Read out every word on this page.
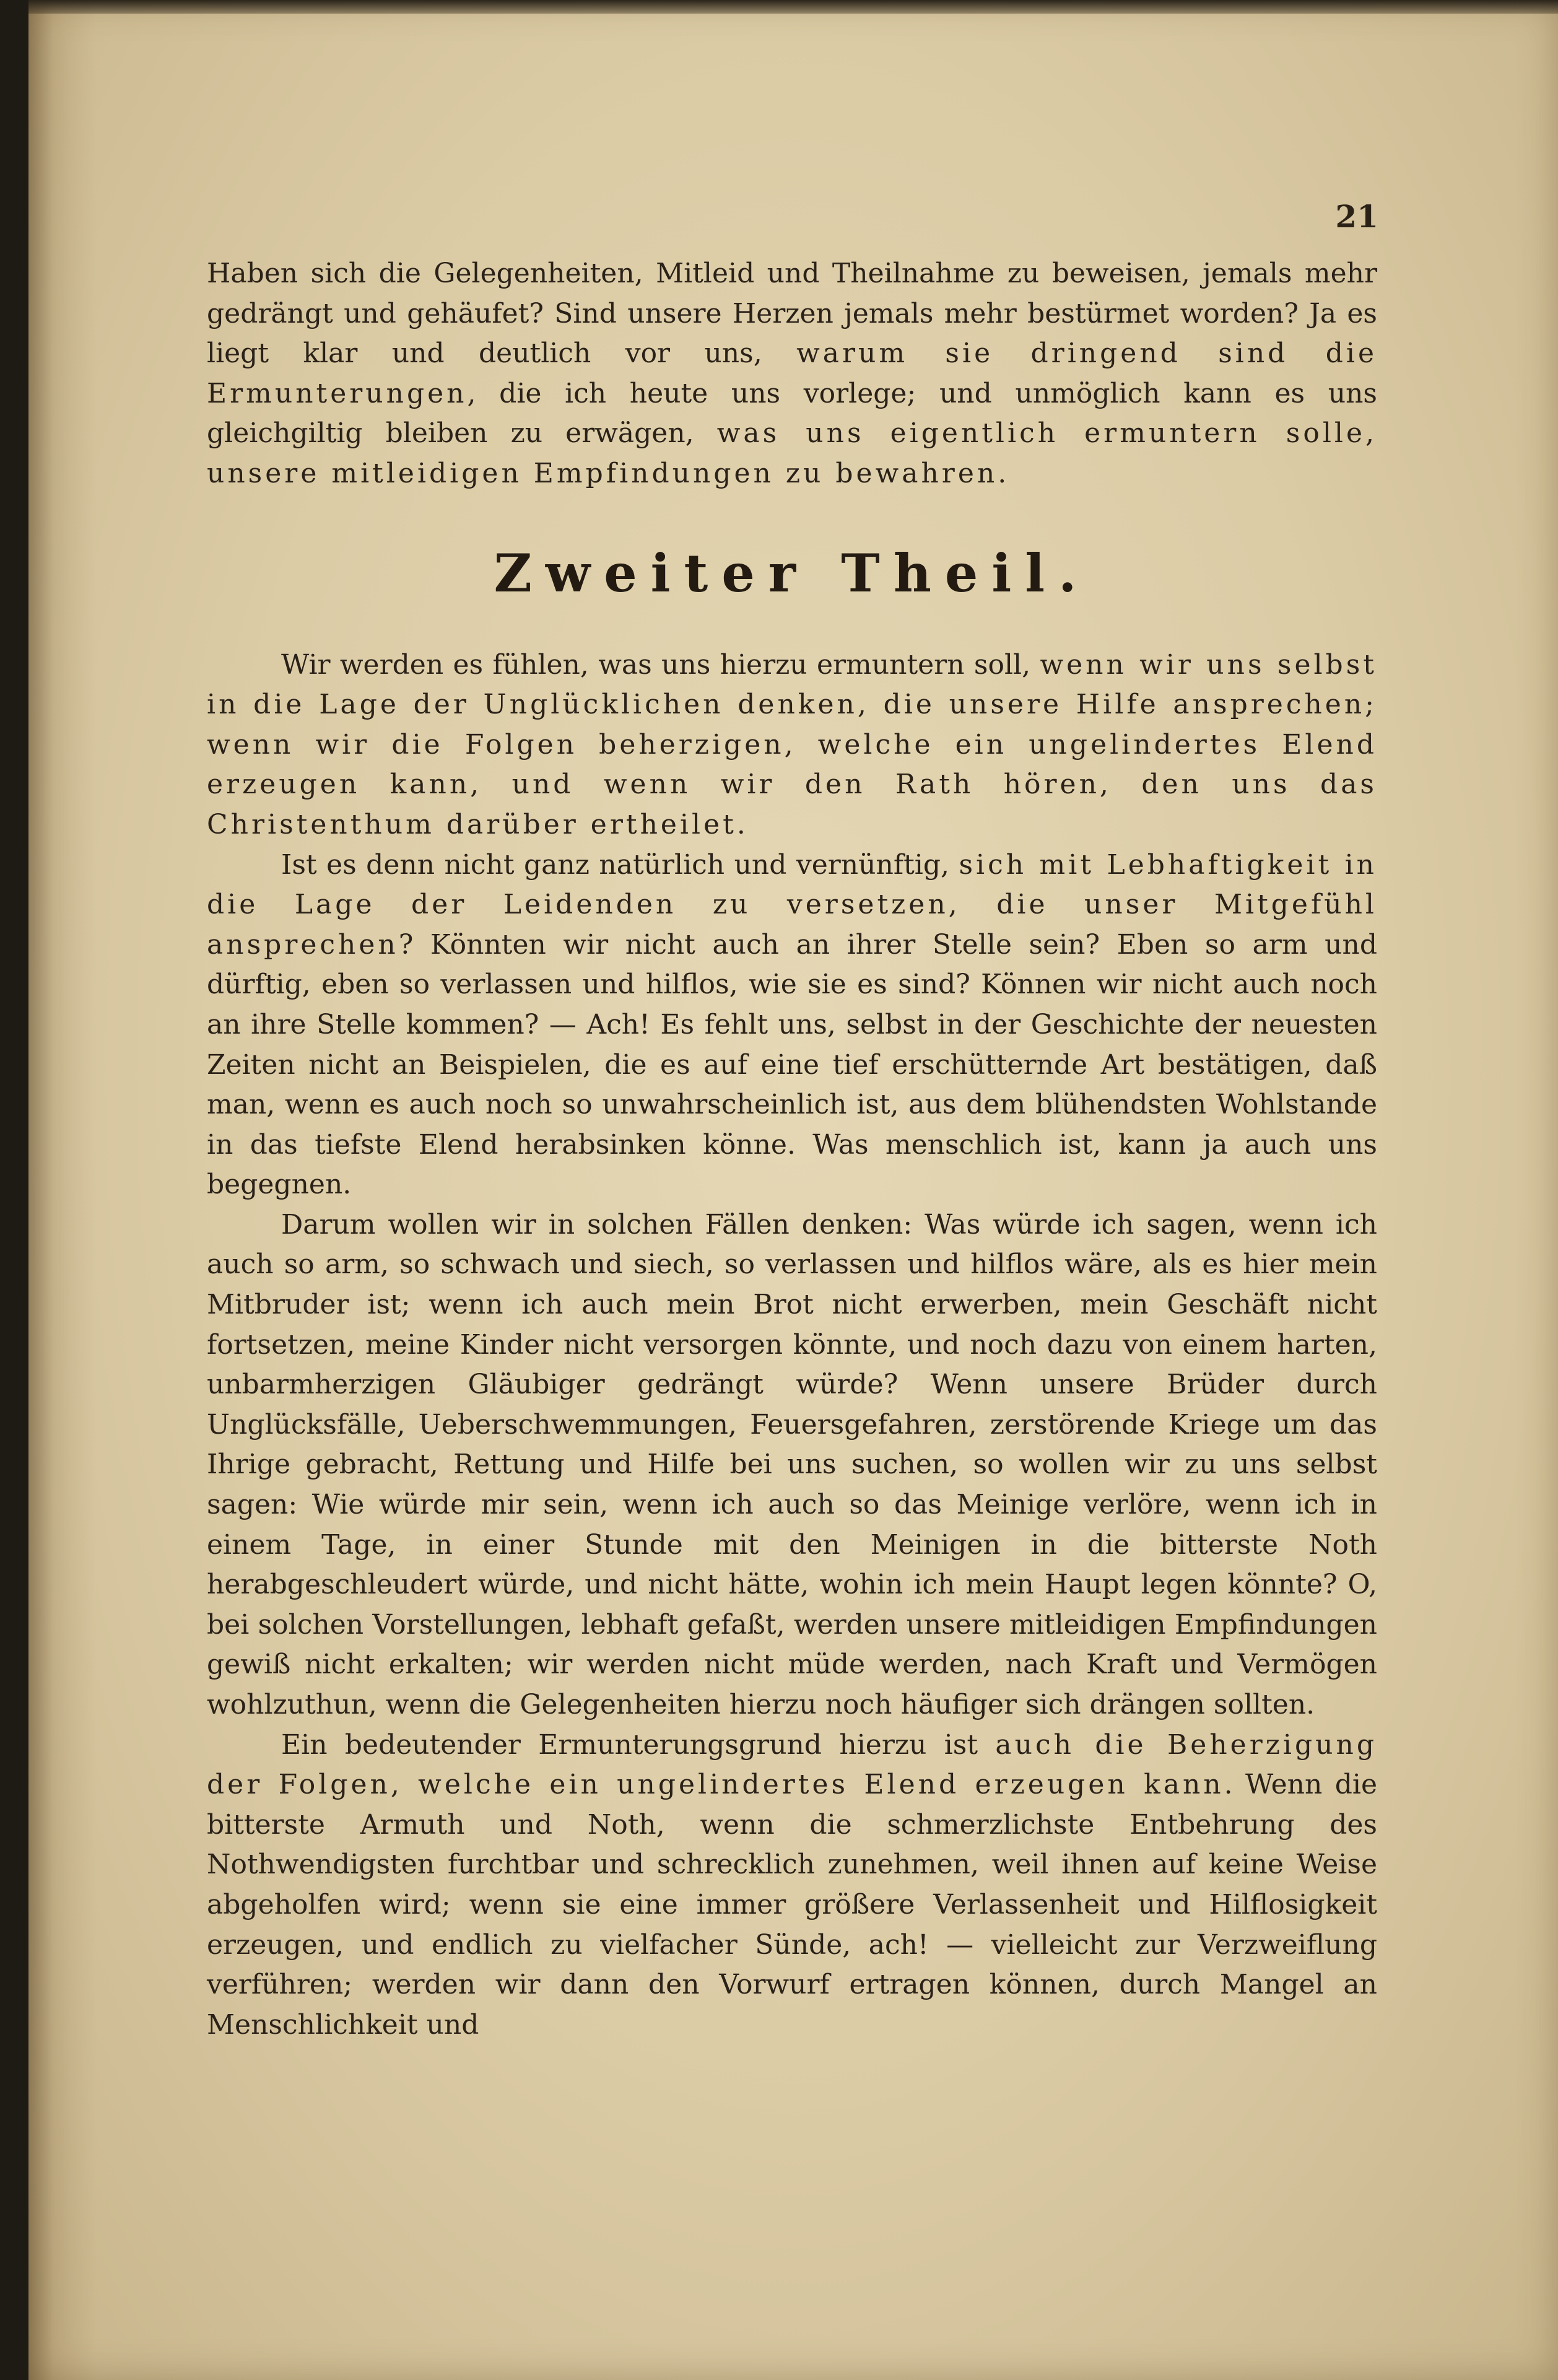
21

Haben sich die Gelegenheiten, Mitleid und Theilnahme zu beweisen, jemals mehr gedrängt und gehäufet? Sind unsere Herzen jemals mehr bestürmet worden? Ja es liegt klar und deutlich vor uns, warum sie dringend sind die Ermunterungen, die ich heute uns vorlege; und unmöglich kann es uns gleichgiltig bleiben zu erwägen, was uns eigentlich ermuntern solle, unsere mitleidigen Empfindungen zu bewahren.

Zweiter Theil.

Wir werden es fühlen, was uns hierzu ermuntern soll, wenn wir uns selbst in die Lage der Unglücklichen denken, die unsere Hilfe ansprechen; wenn wir die Folgen beherzigen, welche ein ungelindertes Elend erzeugen kann, und wenn wir den Rath hören, den uns das Christenthum darüber ertheilet.

Ist es denn nicht ganz natürlich und vernünftig, sich mit Lebhaftigkeit in die Lage der Leidenden zu versetzen, die unser Mitgefühl ansprechen? Könnten wir nicht auch an ihrer Stelle sein? Eben so arm und dürftig, eben so verlassen und hilflos, wie sie es sind? Können wir nicht auch noch an ihre Stelle kommen? — Ach! Es fehlt uns, selbst in der Geschichte der neuesten Zeiten nicht an Beispielen, die es auf eine tief erschütternde Art bestätigen, daß man, wenn es auch noch so unwahrscheinlich ist, aus dem blühendsten Wohlstande in das tiefste Elend herabsinken könne. Was menschlich ist, kann ja auch uns begegnen.

Darum wollen wir in solchen Fällen denken: Was würde ich sagen, wenn ich auch so arm, so schwach und siech, so verlassen und hilflos wäre, als es hier mein Mitbruder ist; wenn ich auch mein Brot nicht erwerben, mein Geschäft nicht fortsetzen, meine Kinder nicht versorgen könnte, und noch dazu von einem harten, unbarmherzigen Gläubiger gedrängt würde? Wenn unsere Brüder durch Unglücksfälle, Ueberschwemmungen, Feuersgefahren, zerstörende Kriege um das Ihrige gebracht, Rettung und Hilfe bei uns suchen, so wollen wir zu uns selbst sagen: Wie würde mir sein, wenn ich auch so das Meinige verlöre, wenn ich in einem Tage, in einer Stunde mit den Meinigen in die bitterste Noth herabgeschleudert würde, und nicht hätte, wohin ich mein Haupt legen könnte? O, bei solchen Vorstellungen, lebhaft gefaßt, werden unsere mitleidigen Empfindungen gewiß nicht erkalten; wir werden nicht müde werden, nach Kraft und Vermögen wohlzuthun, wenn die Gelegenheiten hierzu noch häufiger sich drängen sollten.

Ein bedeutender Ermunterungsgrund hierzu ist auch die Beherzigung der Folgen, welche ein ungelindertes Elend erzeugen kann. Wenn die bitterste Armuth und Noth, wenn die schmerzlichste Entbehrung des Nothwendigsten furchtbar und schrecklich zunehmen, weil ihnen auf keine Weise abgeholfen wird; wenn sie eine immer größere Verlassenheit und Hilflosigkeit erzeugen, und endlich zu vielfacher Sünde, ach! — vielleicht zur Verzweiflung verführen; werden wir dann den Vorwurf ertragen können, durch Mangel an Menschlichkeit und
